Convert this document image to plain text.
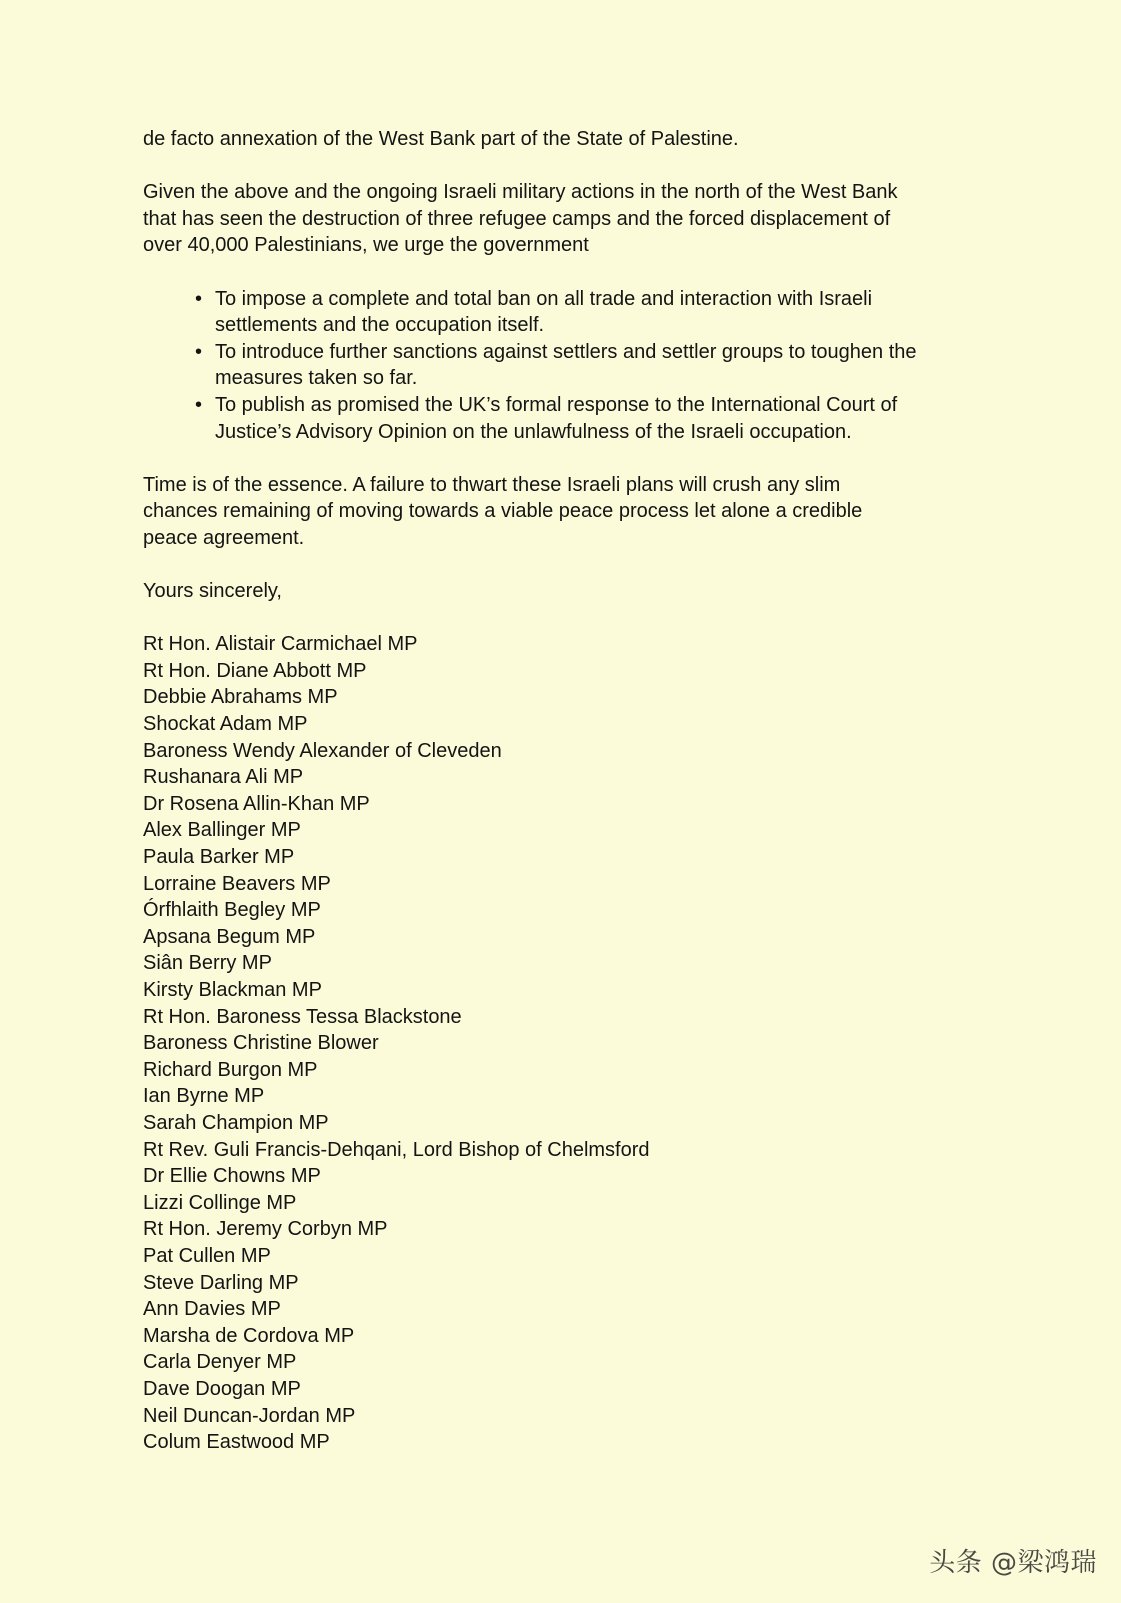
de facto annexation of the West Bank part of the State of Palestine.

Given the above and the ongoing Israeli military actions in the north of the West Bank
that has seen the destruction of three refugee camps and the forced displacement of
over 40,000 Palestinians, we urge the government

• To impose a complete and total ban on all trade and interaction with Israeli
settlements and the occupation itself.
• To introduce further sanctions against settlers and settler groups to toughen the
measures taken so far.
• To publish as promised the UK’s formal response to the International Court of
Justice’s Advisory Opinion on the unlawfulness of the Israeli occupation.

Time is of the essence. A failure to thwart these Israeli plans will crush any slim
chances remaining of moving towards a viable peace process let alone a credible
peace agreement.

Yours sincerely,

Rt Hon. Alistair Carmichael MP
Rt Hon. Diane Abbott MP
Debbie Abrahams MP
Shockat Adam MP
Baroness Wendy Alexander of Cleveden
Rushanara Ali MP
Dr Rosena Allin-Khan MP
Alex Ballinger MP
Paula Barker MP
Lorraine Beavers MP
Órfhlaith Begley MP
Apsana Begum MP
Siân Berry MP
Kirsty Blackman MP
Rt Hon. Baroness Tessa Blackstone
Baroness Christine Blower
Richard Burgon MP
Ian Byrne MP
Sarah Champion MP
Rt Rev. Guli Francis-Dehqani, Lord Bishop of Chelmsford
Dr Ellie Chowns MP
Lizzi Collinge MP
Rt Hon. Jeremy Corbyn MP
Pat Cullen MP
Steve Darling MP
Ann Davies MP
Marsha de Cordova MP
Carla Denyer MP
Dave Doogan MP
Neil Duncan-Jordan MP
Colum Eastwood MP
头条 @梁鸿瑞
